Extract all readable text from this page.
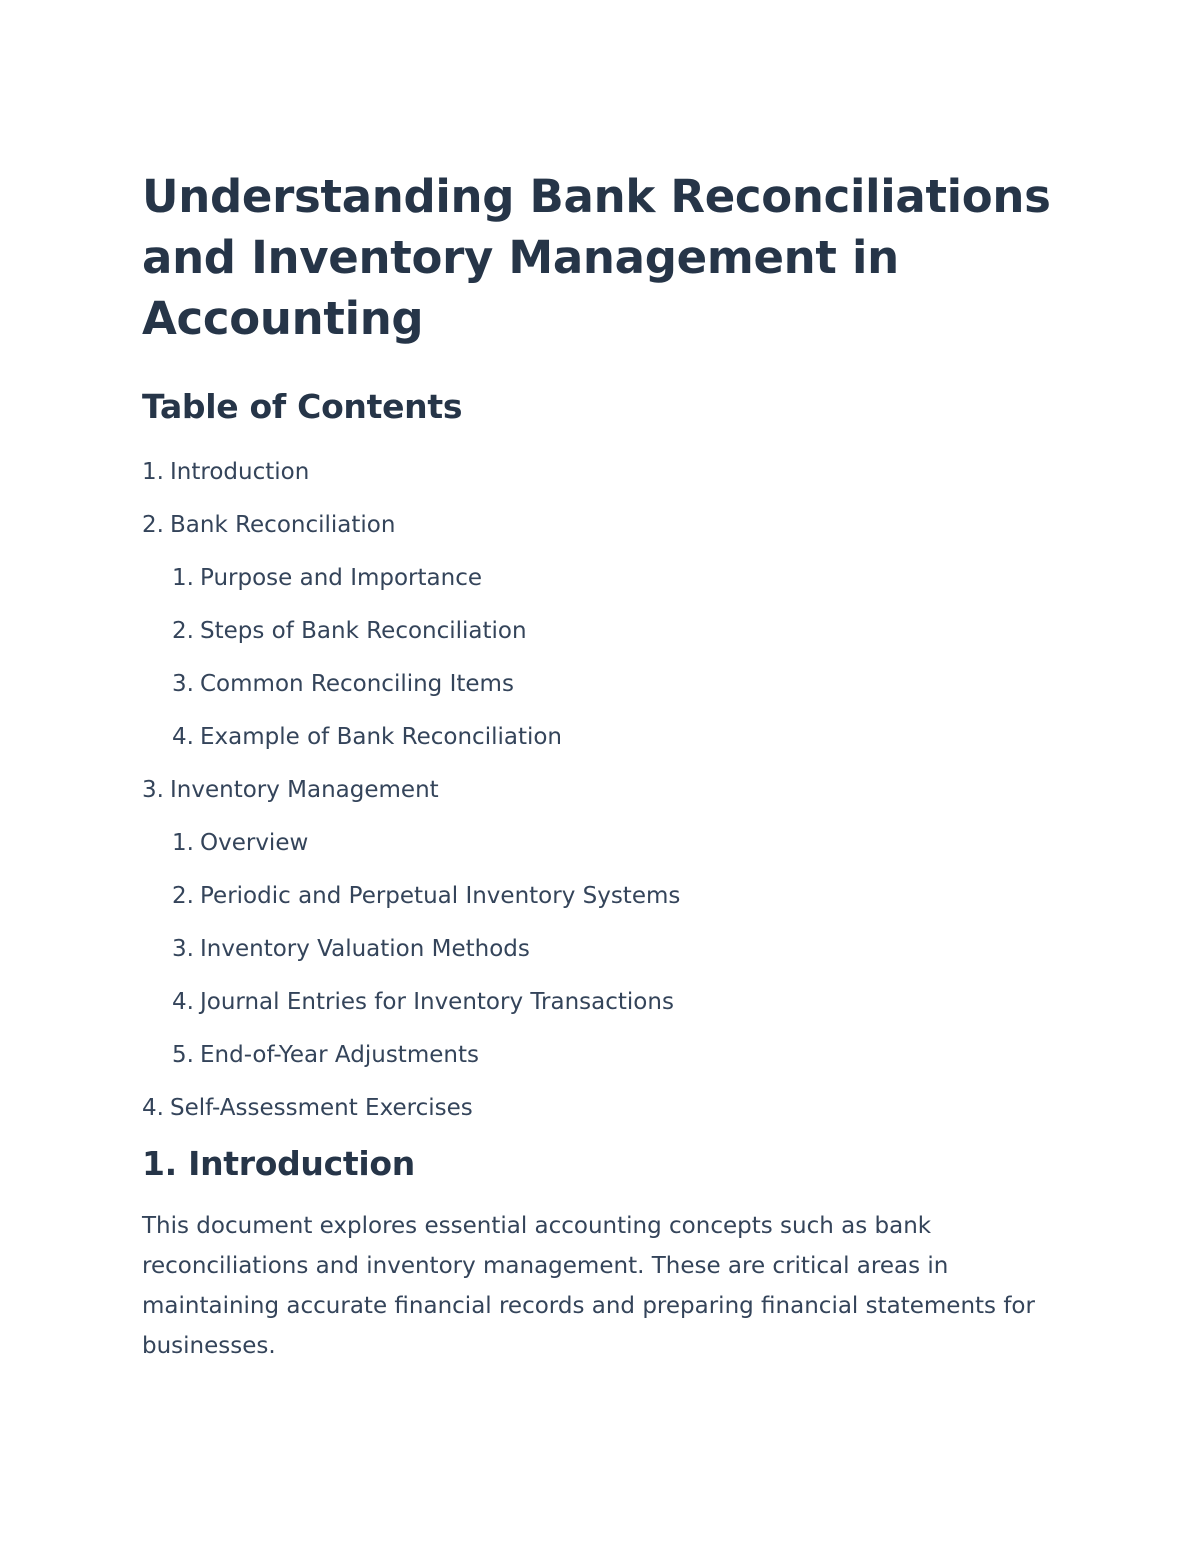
Understanding Bank Reconciliations and Inventory Management in Accounting
Table of Contents
1. Introduction
2. Bank Reconciliation
1. Purpose and Importance
2. Steps of Bank Reconciliation
3. Common Reconciling Items
4. Example of Bank Reconciliation
3. Inventory Management
1. Overview
2. Periodic and Perpetual Inventory Systems
3. Inventory Valuation Methods
4. Journal Entries for Inventory Transactions
5. End-of-Year Adjustments
4. Self-Assessment Exercises
1. Introduction

This document explores essential accounting concepts such as bank reconciliations and inventory management. These are critical areas in maintaining accurate financial records and preparing financial statements for businesses.
